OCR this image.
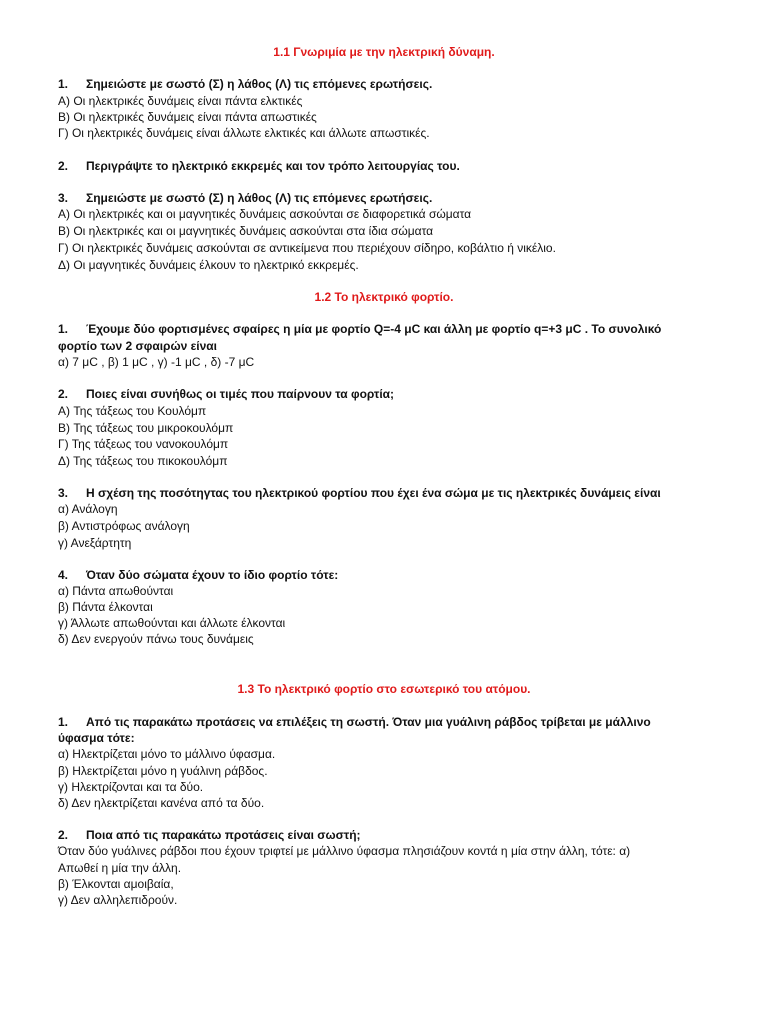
1.1 Γνωριμία με την ηλεκτρική δύναμη.
1. Σημειώστε με σωστό (Σ) η λάθος (Λ) τις επόμενες ερωτήσεις.
A) Οι ηλεκτρικές δυνάμεις είναι πάντα ελκτικές
B) Οι ηλεκτρικές δυνάμεις είναι πάντα απωστικές
Γ) Οι ηλεκτρικές δυνάμεις είναι άλλωτε ελκτικές και άλλωτε απωστικές.
2. Περιγράψτε το ηλεκτρικό εκκρεμές και τον τρόπο λειτουργίας του.
3. Σημειώστε με σωστό (Σ) η λάθος (Λ) τις επόμενες ερωτήσεις.
A) Οι ηλεκτρικές και οι μαγνητικές δυνάμεις ασκούνται σε διαφορετικά σώματα
B) Οι ηλεκτρικές και οι μαγνητικές δυνάμεις ασκούνται στα ίδια σώματα
Γ) Οι ηλεκτρικές δυνάμεις ασκούνται σε αντικείμενα που περιέχουν σίδηρο, κοβάλτιο ή νικέλιο.
Δ) Οι μαγνητικές δυνάμεις έλκουν το ηλεκτρικό εκκρεμές.
1.2 Το ηλεκτρικό φορτίο.
1. Έχουμε δύο φορτισμένες σφαίρες η μία με φορτίο Q=-4 μC και άλλη με φορτίο q=+3 μC . Το συνολικό
φορτίο των 2 σφαιρών είναι
α) 7 μC , β) 1 μC , γ) -1 μC , δ) -7 μC
2. Ποιες είναι συνήθως οι τιμές που παίρνουν τα φορτία;
A) Της τάξεως του Κουλόμπ
B) Της τάξεως του μικροκουλόμπ
Γ) Της τάξεως του νανοκουλόμπ
Δ) Της τάξεως του πικοκουλόμπ
3. Η σχέση της ποσότηγτας του ηλεκτρικού φορτίου που έχει ένα σώμα με τις ηλεκτρικές δυνάμεις είναι
α) Ανάλογη
β) Αντιστρόφως ανάλογη
γ) Ανεξάρτητη
4. Όταν δύο σώματα έχουν το ίδιο φορτίο τότε:
α) Πάντα απωθούνται
β) Πάντα έλκονται
γ) Άλλωτε απωθούνται και άλλωτε έλκονται
δ) Δεν ενεργούν πάνω τους δυνάμεις
1.3 Το ηλεκτρικό φορτίο στο εσωτερικό του ατόμου.
1. Από τις παρακάτω προτάσεις να επιλέξεις τη σωστή. Όταν μια γυάλινη ράβδος τρίβεται με μάλλινο
ύφασμα τότε:
α) Ηλεκτρίζεται μόνο το μάλλινο ύφασμα.
β) Ηλεκτρίζεται μόνο η γυάλινη ράβδος.
γ) Ηλεκτρίζονται και τα δύο.
δ) Δεν ηλεκτρίζεται κανένα από τα δύο.
2. Ποια από τις παρακάτω προτάσεις είναι σωστή;
Όταν δύο γυάλινες ράβδοι που έχουν τριφτεί με μάλλινο ύφασμα πλησιάζουν κοντά η μία στην άλλη, τότε: α)
Απωθεί η μία την άλλη.
β) Έλκονται αμοιβαία,
γ) Δεν αλληλεπιδρούν.
